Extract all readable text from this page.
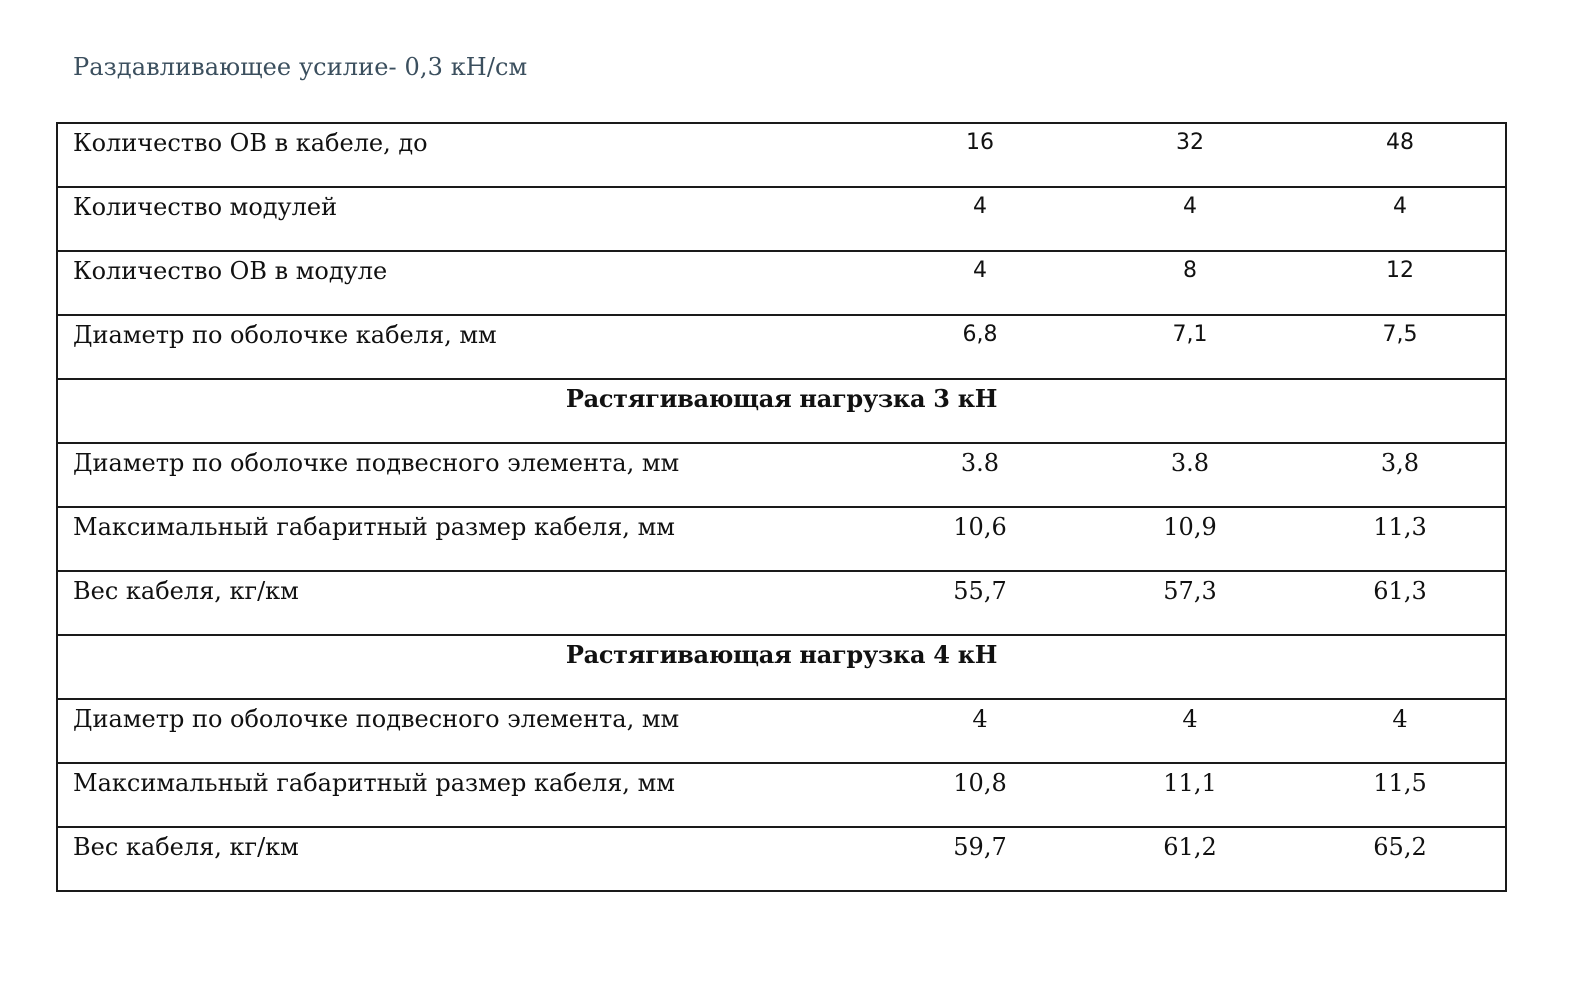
Раздавливающее усилие- 0,3 кН/см
Количество ОВ в кабеле, до	16	32	48
Количество модулей	4	4	4
Количество ОВ в модуле	4	8	12
Диаметр по оболочке кабеля, мм	6,8	7,1	7,5
Растягивающая нагрузка 3 кН			
Диаметр по оболочке подвесного элемента, мм	3.8	3.8	3,8
Максимальный габаритный размер кабеля, мм	10,6	10,9	11,3
Вес кабеля, кг/км	55,7	57,3	61,3
Растягивающая нагрузка 4 кН			
Диаметр по оболочке подвесного элемента, мм	4	4	4
Максимальный габаритный размер кабеля, мм	10,8	11,1	11,5
Вес кабеля, кг/км	59,7	61,2	65,2
